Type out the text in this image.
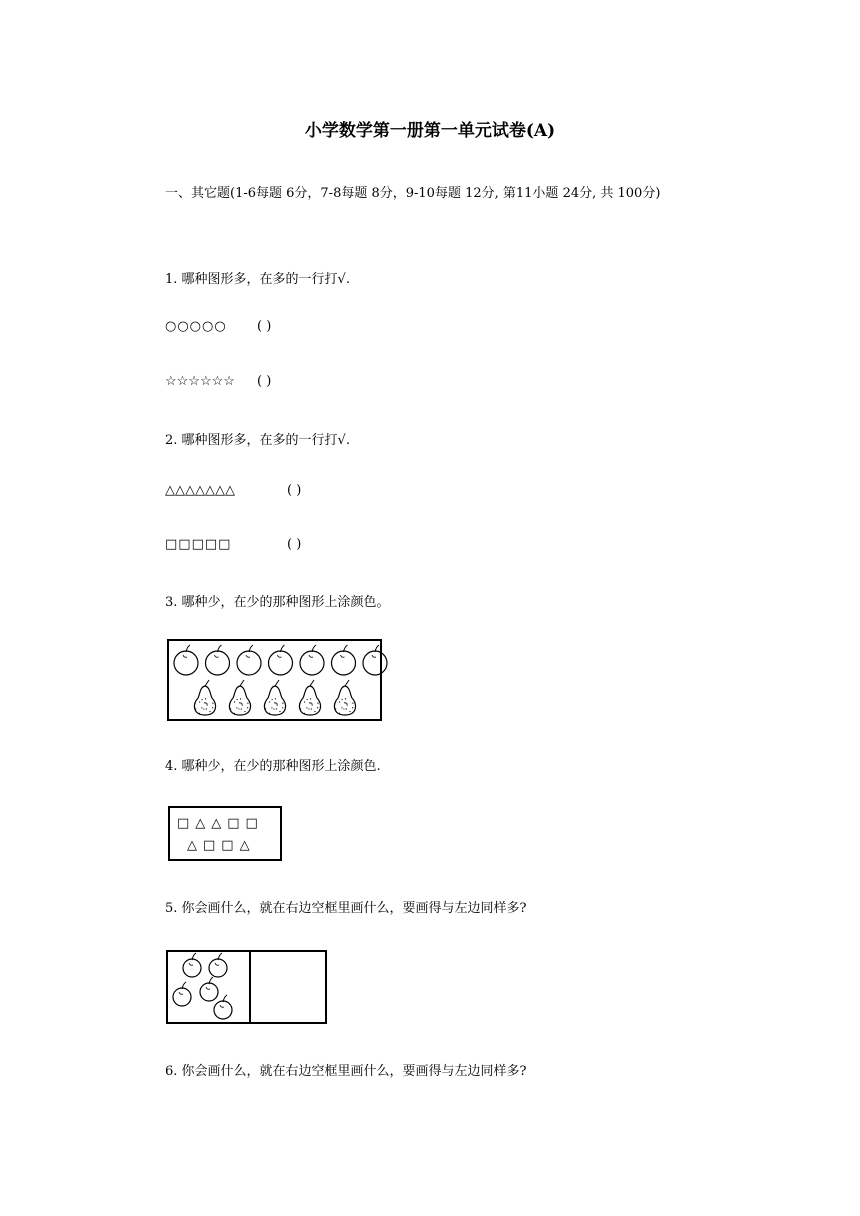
小学数学第一册第一单元试卷(A)
一、其它题(1-6每题 6分，7-8每题 8分，9-10每题 12分, 第11小题 24分, 共 100分)
1. 哪种图形多，在多的一行打√.
○○○○○ ( )
☆☆☆☆☆☆ ( )
2. 哪种图形多，在多的一行打√.
△△△△△△△	( )
□□□□□	( )
3. 哪种少，在少的那种图形上涂颜色。
4. 哪种少，在少的那种图形上涂颜色.
□△△□□
△□□△
5. 你会画什么，就在右边空框里画什么，要画得与左边同样多?
6. 你会画什么，就在右边空框里画什么，要画得与左边同样多?
